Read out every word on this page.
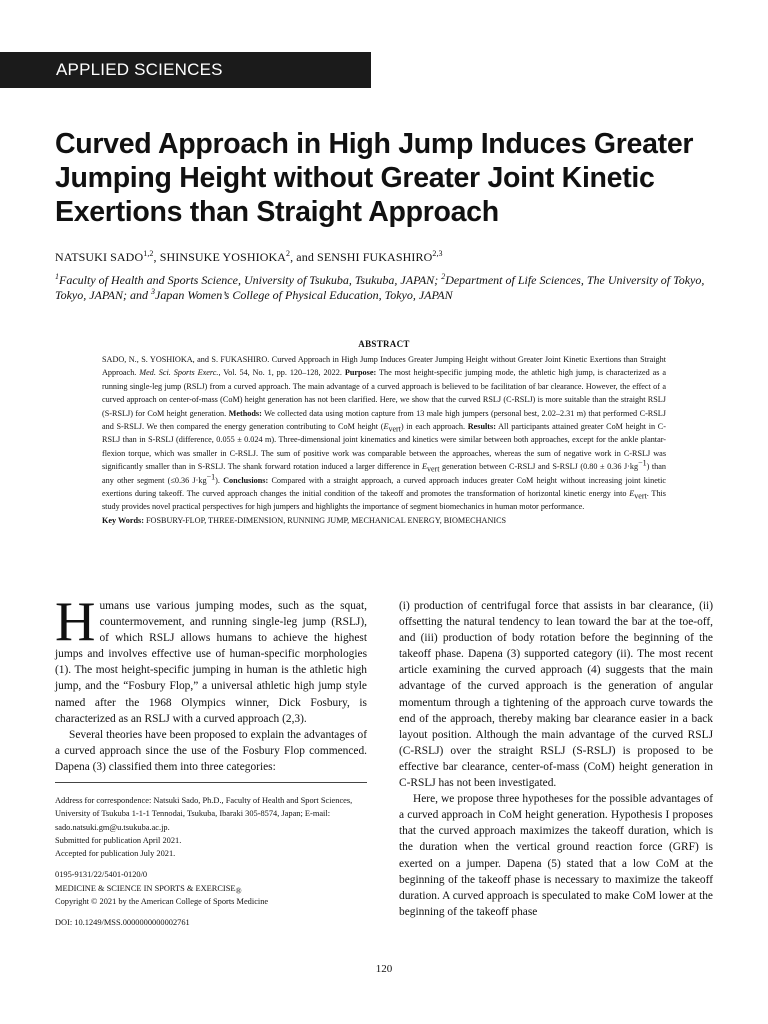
APPLIED SCIENCES
Curved Approach in High Jump Induces Greater Jumping Height without Greater Joint Kinetic Exertions than Straight Approach
NATSUKI SADO$^{1,2}$, SHINSUKE YOSHIOKA$^2$, and SENSHI FUKASHIRO$^{2,3}$
$^1$Faculty of Health and Sports Science, University of Tsukuba, Tsukuba, JAPAN; $^2$Department of Life Sciences, The University of Tokyo, Tokyo, JAPAN; and $^3$Japan Women’s College of Physical Education, Tokyo, JAPAN
ABSTRACT
SADO, N., S. YOSHIOKA, and S. FUKASHIRO. Curved Approach in High Jump Induces Greater Jumping Height without Greater Joint Kinetic Exertions than Straight Approach. Med. Sci. Sports Exerc., Vol. 54, No. 1, pp. 120–128, 2022. Purpose: The most height-specific jumping mode, the athletic high jump, is characterized as a running single-leg jump (RSLJ) from a curved approach. The main advantage of a curved approach is believed to be facilitation of bar clearance. However, the effect of a curved approach on center-of-mass (CoM) height generation has not been clarified. Here, we show that the curved RSLJ (C-RSLJ) is more suitable than the straight RSLJ (S-RSLJ) for CoM height generation. Methods: We collected data using motion capture from 13 male high jumpers (personal best, 2.02–2.31 m) that performed C-RSLJ and S-RSLJ. We then compared the energy generation contributing to CoM height $(E_{vert})$ in each approach. Results: All participants attained greater CoM height in C-RSLJ than in S-RSLJ (difference, 0.055 ± 0.024 m). Three-dimensional joint kinematics and kinetics were similar between both approaches, except for the ankle plantar-flexion torque, which was smaller in C-RSLJ. The sum of positive work was comparable between the approaches, whereas the sum of negative work in C-RSLJ was significantly smaller than in S-RSLJ. The shank forward rotation induced a larger difference in $E_{vert}$ generation between C-RSLJ and S-RSLJ (0.80 ± 0.36 $J\cdot kg^{-1}$) than any other segment (≤0.36 $J\cdot kg^{-1}$). Conclusions: Compared with a straight approach, a curved approach induces greater CoM height without increasing joint kinetic exertions during takeoff. The curved approach changes the initial condition of the takeoff and promotes the transformation of horizontal kinetic energy into $E_{vert}$. This study provides novel practical perspectives for high jumpers and highlights the importance of segment biomechanics in human motor performance.
Key Words: FOSBURY-FLOP, THREE-DIMENSION, RUNNING JUMP, MECHANICAL ENERGY, BIOMECHANICS

Humans use various jumping modes, such as the squat, countermovement, and running single-leg jump (RSLJ), of which RSLJ allows humans to achieve the highest jumps and involves effective use of human-specific morphologies (1). The most height-specific jumping in human is the athletic high jump, and the “Fosbury Flop,” a universal athletic high jump style named after the 1968 Olympics winner, Dick Fosbury, is characterized as an RSLJ with a curved approach (2,3).

Several theories have been proposed to explain the advantages of a curved approach since the use of the Fosbury Flop commenced. Dapena (3) classified them into three categories:

Address for correspondence: Natsuki Sado, Ph.D., Faculty of Health and Sport Sciences, University of Tsukuba 1-1-1 Tennodai, Tsukuba, Ibaraki 305-8574, Japan; E-mail: sado.natsuki.gm@u.tsukuba.ac.jp.
Submitted for publication April 2021.
Accepted for publication July 2021.
0195-9131/22/5401-0120/0
MEDICINE & SCIENCE IN SPORTS & $EXERCISE_®$
Copyright © 2021 by the American College of Sports Medicine
DOI: 10.1249/MSS.0000000000002761

(i) production of centrifugal force that assists in bar clearance, (ii) offsetting the natural tendency to lean toward the bar at the toe-off, and (iii) production of body rotation before the beginning of the takeoff phase. Dapena (3) supported category (ii). The most recent article examining the curved approach (4) suggests that the main advantage of the curved approach is the generation of angular momentum through a tightening of the approach curve towards the end of the approach, thereby making bar clearance easier in a back layout position. Although the main advantage of the curved RSLJ (C-RSLJ) over the straight RSLJ (S-RSLJ) is proposed to be effective bar clearance, center-of-mass (CoM) height generation in C-RSLJ has not been investigated.

Here, we propose three hypotheses for the possible advantages of a curved approach in CoM height generation. Hypothesis I proposes that the curved approach maximizes the takeoff duration, which is the duration when the vertical ground reaction force (GRF) is exerted on a jumper. Dapena (5) stated that a low CoM at the beginning of the takeoff phase is necessary to maximize the takeoff duration. A curved approach is speculated to make CoM lower at the beginning of the takeoff phase

120
